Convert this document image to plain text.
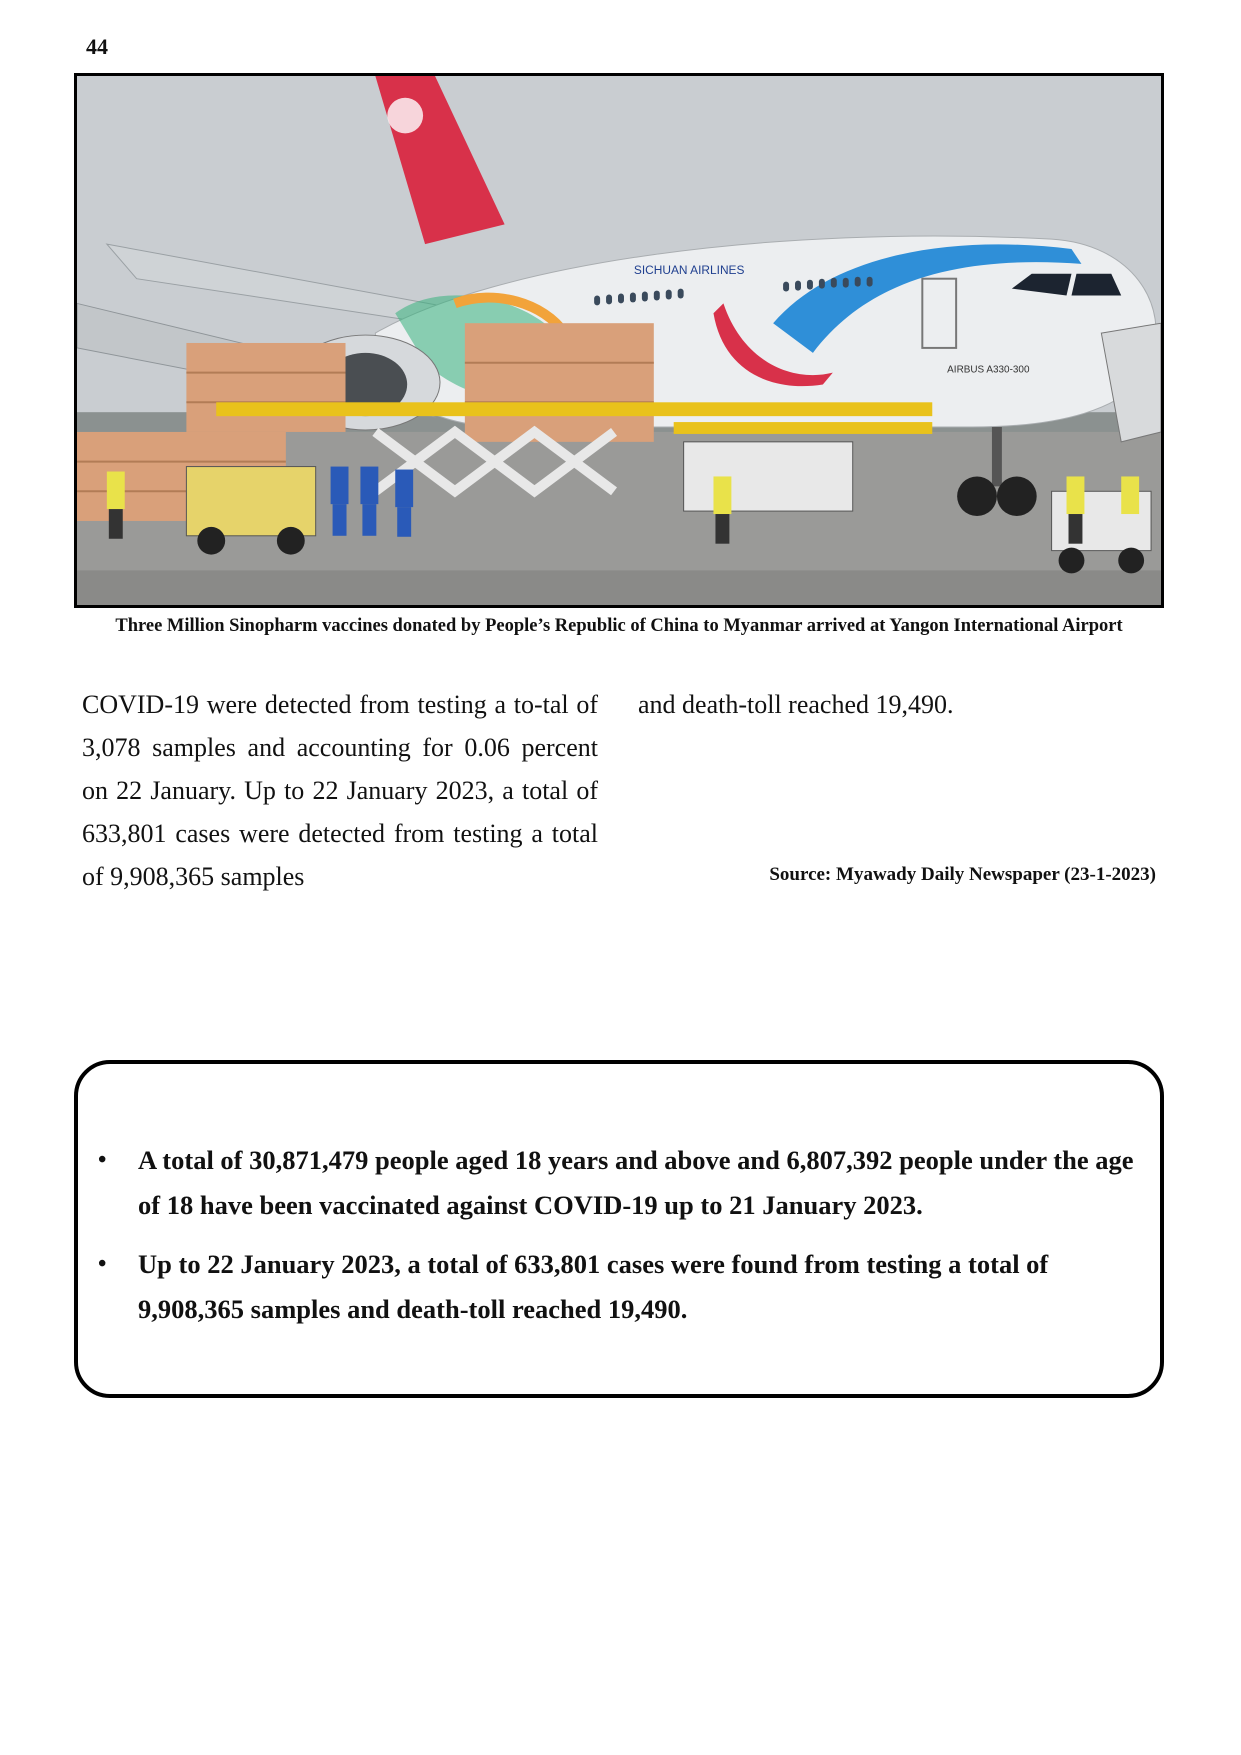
44
SICHUAN AIRLINES
AIRBUS A330-300
Three Million Sinopharm vaccines donated by People’s Republic of China to Myanmar arrived at Yangon International Airport
COVID-19 were detected from testing a to-tal of 3,078 samples and accounting for 0.06 percent on 22 January. Up to 22 January 2023, a total of 633,801 cases were detected from testing a total of 9,908,365 samples
and death-toll reached 19,490.
Source: Myawady Daily Newspaper (23-1-2023)
• A total of 30,871,479 people aged 18 years and above and 6,807,392 people under the age of 18 have been vaccinated against COVID-19 up to 21 January 2023.
• Up to 22 January 2023, a total of 633,801 cases were found from testing a total of 9,908,365 samples and death-toll reached 19,490.
